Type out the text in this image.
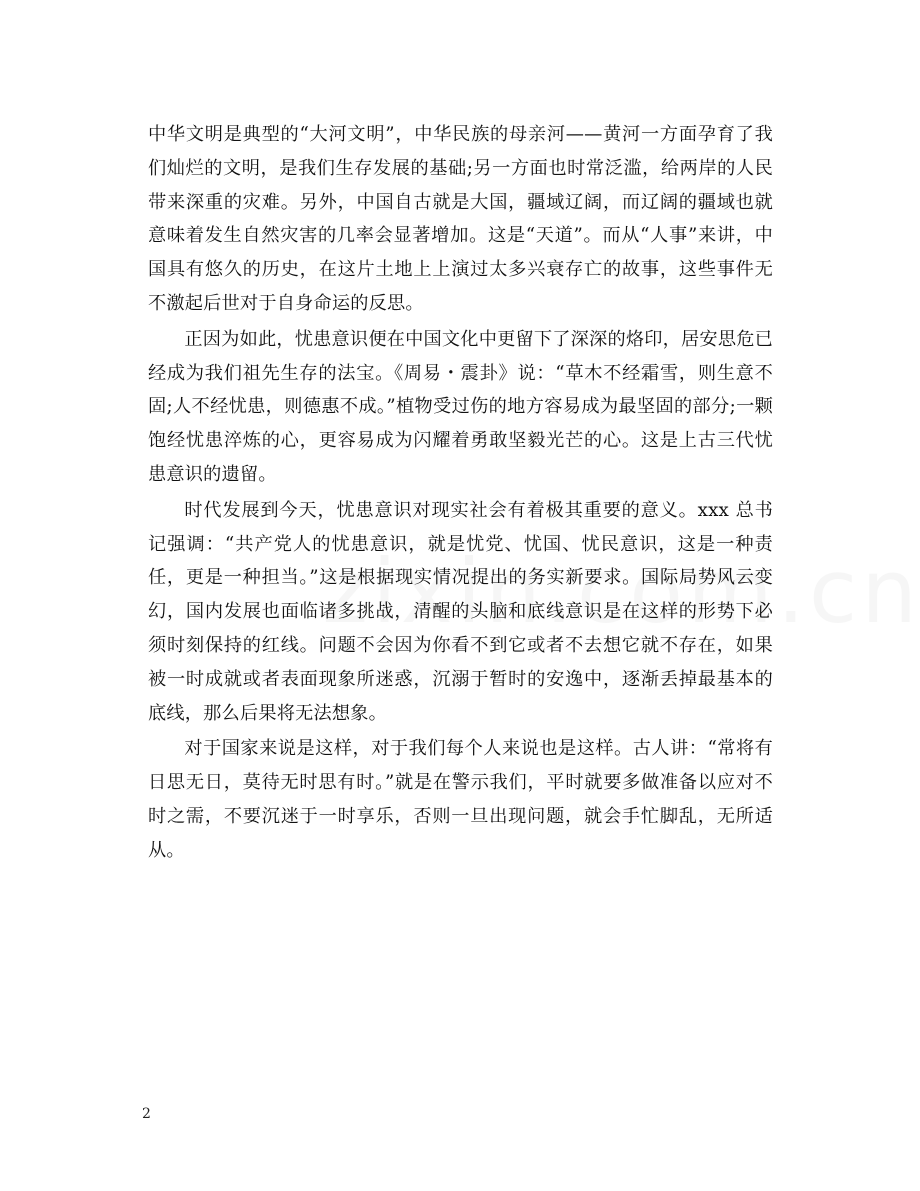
中华文明是典型的“大河文明”，中华民族的母亲河——黄河一方面孕育了我们灿烂的文明，是我们生存发展的基础;另一方面也时常泛滥，给两岸的人民带来深重的灾难。另外，中国自古就是大国，疆域辽阔，而辽阔的疆域也就意味着发生自然灾害的几率会显著增加。这是“天道”。而从“人事”来讲，中国具有悠久的历史，在这片土地上上演过太多兴衰存亡的故事，这些事件无不激起后世对于自身命运的反思。

正因为如此，忧患意识便在中国文化中更留下了深深的烙印，居安思危已经成为我们祖先生存的法宝。《周易・震卦》说：“草木不经霜雪，则生意不固;人不经忧患，则德惠不成。”植物受过伤的地方容易成为最坚固的部分;一颗饱经忧患淬炼的心，更容易成为闪耀着勇敢坚毅光芒的心。这是上古三代忧患意识的遗留。

时代发展到今天，忧患意识对现实社会有着极其重要的意义。xxx 总书记强调：“共产党人的忧患意识，就是忧党、忧国、忧民意识，这是一种责任，更是一种担当。”这是根据现实情况提出的务实新要求。国际局势风云变幻，国内发展也面临诸多挑战，清醒的头脑和底线意识是在这样的形势下必须时刻保持的红线。问题不会因为你看不到它或者不去想它就不存在，如果被一时成就或者表面现象所迷惑，沉溺于暂时的安逸中，逐渐丢掉最基本的底线，那么后果将无法想象。

对于国家来说是这样，对于我们每个人来说也是这样。古人讲：“常将有日思无日，莫待无时思有时。”就是在警示我们，平时就要多做准备以应对不时之需，不要沉迷于一时享乐，否则一旦出现问题，就会手忙脚乱，无所适从。

2
